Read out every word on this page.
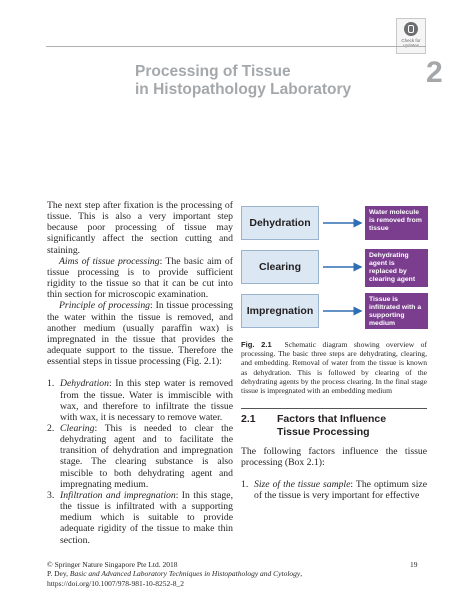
Check for
Processing of Tissue
in Histopathology Laboratory
2

The next step after fixation is the processing of tissue. This is also a very important step because poor processing of tissue may significantly affect the section cutting and staining.

Aims of tissue processing: The basic aim of tissue processing is to provide sufficient rigidity to the tissue so that it can be cut into thin section for microscopic examination.

Principle of processing: In tissue processing the water within the tissue is removed, and another medium (usually paraffin wax) is impregnated in the tissue that provides the adequate support to the tissue. Therefore the essential steps in tissue processing (Fig. 2.1):

1. Dehydration: In this step water is removed from the tissue. Water is immiscible with wax, and therefore to infiltrate the tissue with wax, it is necessary to remove water.
2. Clearing: This is needed to clear the dehydrating agent and to facilitate the transition of dehydration and impregnation stage. The clearing substance is also miscible to both dehydrating agent and impregnating medium.
3. Infiltration and impregnation: In this stage, the tissue is infiltrated with a supporting medium which is suitable to provide adequate rigidity of the tissue to make thin section.
Dehydration
Clearing
Impregnation
Water molecule is removed from tissue
Dehydrating agent is replaced by clearing agent
Tissue is infiltrated with a supporting medium
Fig. 2.1 Schematic diagram showing overview of processing. The basic three steps are dehydrating, clearing, and embedding. Removal of water from the tissue is known as dehydration. This is followed by clearing of the dehydrating agents by the process clearing. In the final stage tissue is impregnated with an embedding medium
2.1 Factors that Influence Tissue Processing

The following factors influence the tissue processing (Box 2.1):

1. Size of the tissue sample: The optimum size of the tissue is very important for effective
© Springer Nature Singapore Pte Ltd. 2018
P. Dey, Basic and Advanced Laboratory Techniques in Histopathology and Cytology,
https://doi.org/10.1007/978-981-10-8252-8_2
19
